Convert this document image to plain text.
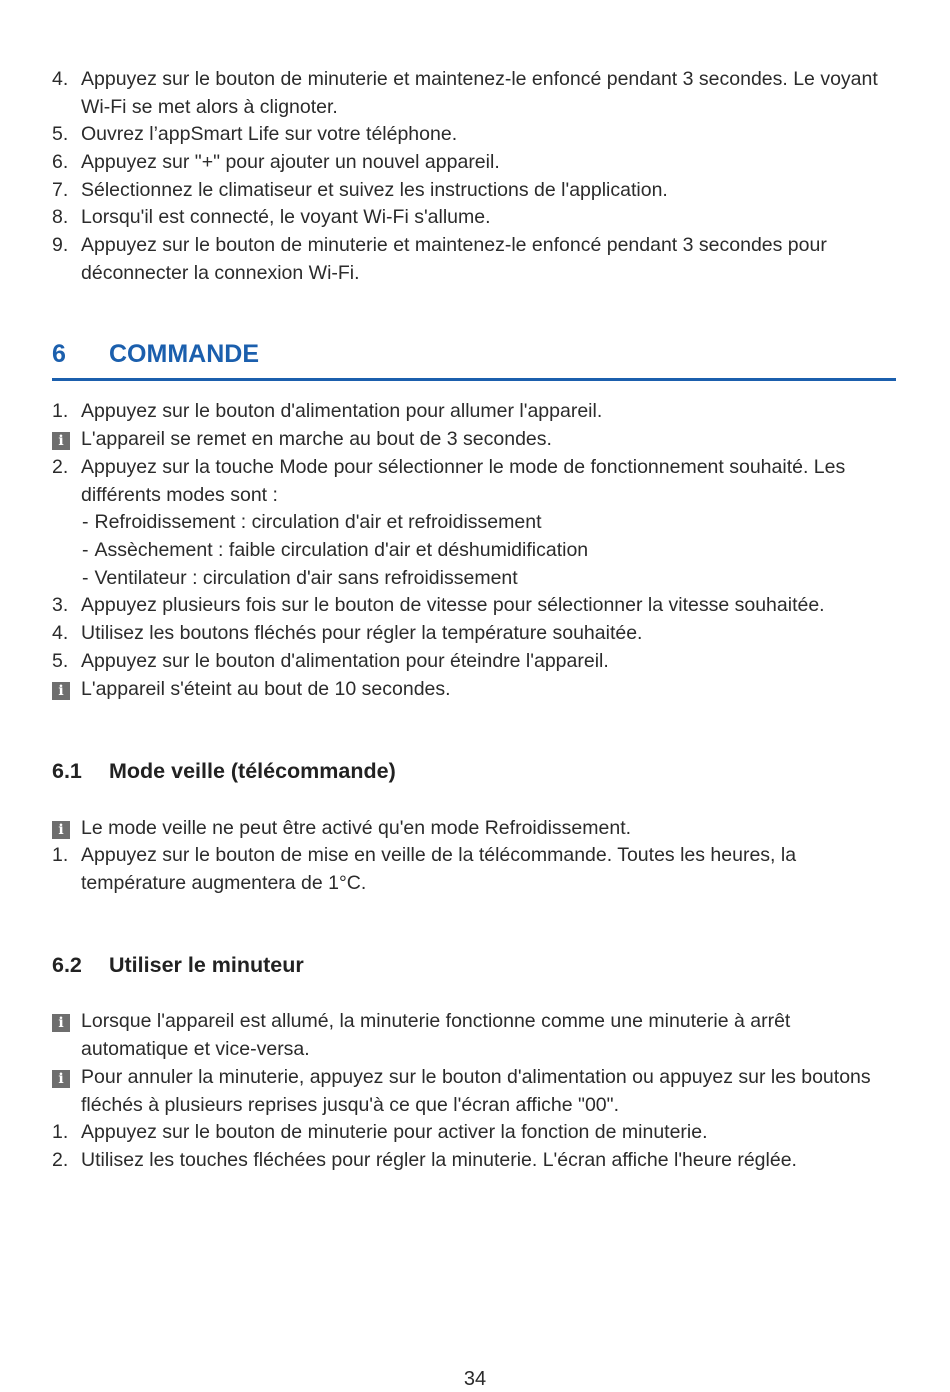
4. Appuyez sur le bouton de minuterie et maintenez-le enfoncé pendant 3 secondes. Le voyant Wi-Fi se met alors à clignoter.
5. Ouvrez l’appSmart Life sur votre téléphone.
6. Appuyez sur "+" pour ajouter un nouvel appareil.
7. Sélectionnez le climatiseur et suivez les instructions de l'application.
8. Lorsqu'il est connecté, le voyant Wi-Fi s'allume.
9. Appuyez sur le bouton de minuterie et maintenez-le enfoncé pendant 3 secondes pour déconnecter la connexion Wi-Fi.
6 COMMANDE
1. Appuyez sur le bouton d'alimentation pour allumer l'appareil.
i L'appareil se remet en marche au bout de 3 secondes.
2. Appuyez sur la touche Mode pour sélectionner le mode de fonctionnement souhaité. Les différents modes sont :
- Refroidissement : circulation d'air et refroidissement
- Assèchement : faible circulation d'air et déshumidification
- Ventilateur : circulation d'air sans refroidissement
3. Appuyez plusieurs fois sur le bouton de vitesse pour sélectionner la vitesse souhaitée.
4. Utilisez les boutons fléchés pour régler la température souhaitée.
5. Appuyez sur le bouton d'alimentation pour éteindre l'appareil.
i L'appareil s'éteint au bout de 10 secondes.
6.1 Mode veille (télécommande)
i Le mode veille ne peut être activé qu'en mode Refroidissement.
1. Appuyez sur le bouton de mise en veille de la télécommande. Toutes les heures, la température augmentera de 1°C.
6.2 Utiliser le minuteur
i Lorsque l'appareil est allumé, la minuterie fonctionne comme une minuterie à arrêt automatique et vice-versa.
i Pour annuler la minuterie, appuyez sur le bouton d'alimentation ou appuyez sur les boutons fléchés à plusieurs reprises jusqu'à ce que l'écran affiche "00".
1. Appuyez sur le bouton de minuterie pour activer la fonction de minuterie.
2. Utilisez les touches fléchées pour régler la minuterie. L'écran affiche l'heure réglée.
34
